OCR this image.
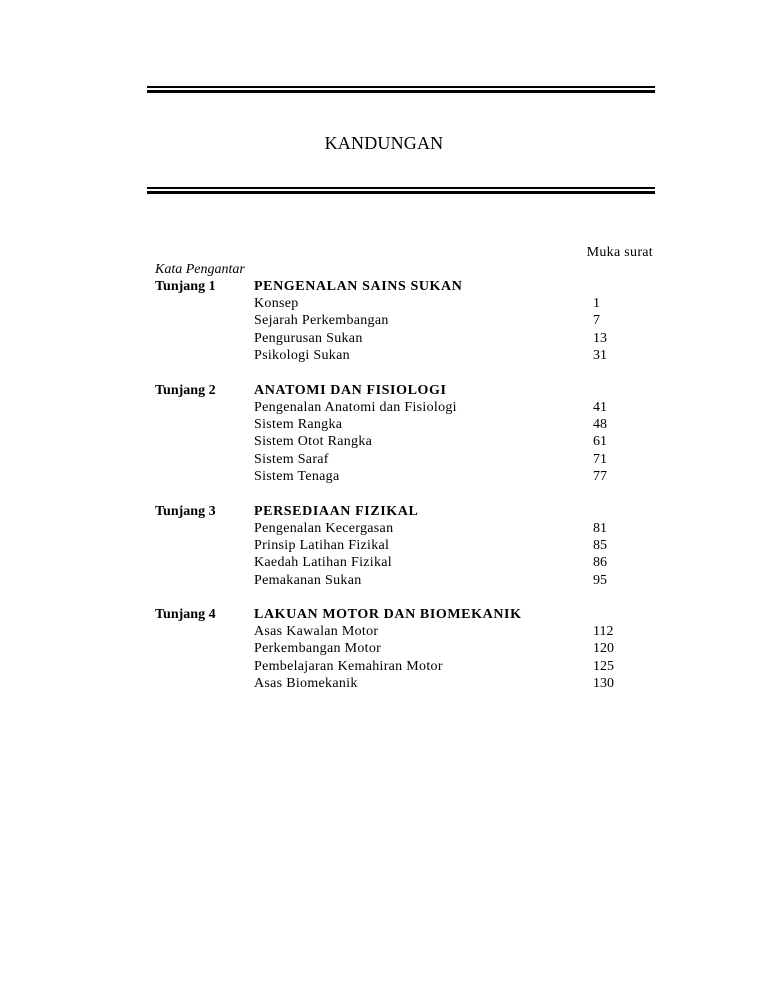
KANDUNGAN
Muka surat
Kata Pengantar
Tunjang 1	PENGENALAN SAINS SUKAN
Konsep	1
Sejarah Perkembangan	7
Pengurusan Sukan	13
Psikologi Sukan	31
Tunjang 2	ANATOMI DAN FISIOLOGI
Pengenalan Anatomi dan Fisiologi	41
Sistem Rangka	48
Sistem Otot Rangka	61
Sistem Saraf	71
Sistem Tenaga	77
Tunjang 3	PERSEDIAAN FIZIKAL
Pengenalan Kecergasan	81
Prinsip Latihan Fizikal	85
Kaedah Latihan Fizikal	86
Pemakanan Sukan	95
Tunjang 4	LAKUAN MOTOR DAN BIOMEKANIK
Asas Kawalan Motor	112
Perkembangan Motor	120
Pembelajaran Kemahiran Motor	125
Asas Biomekanik	130
